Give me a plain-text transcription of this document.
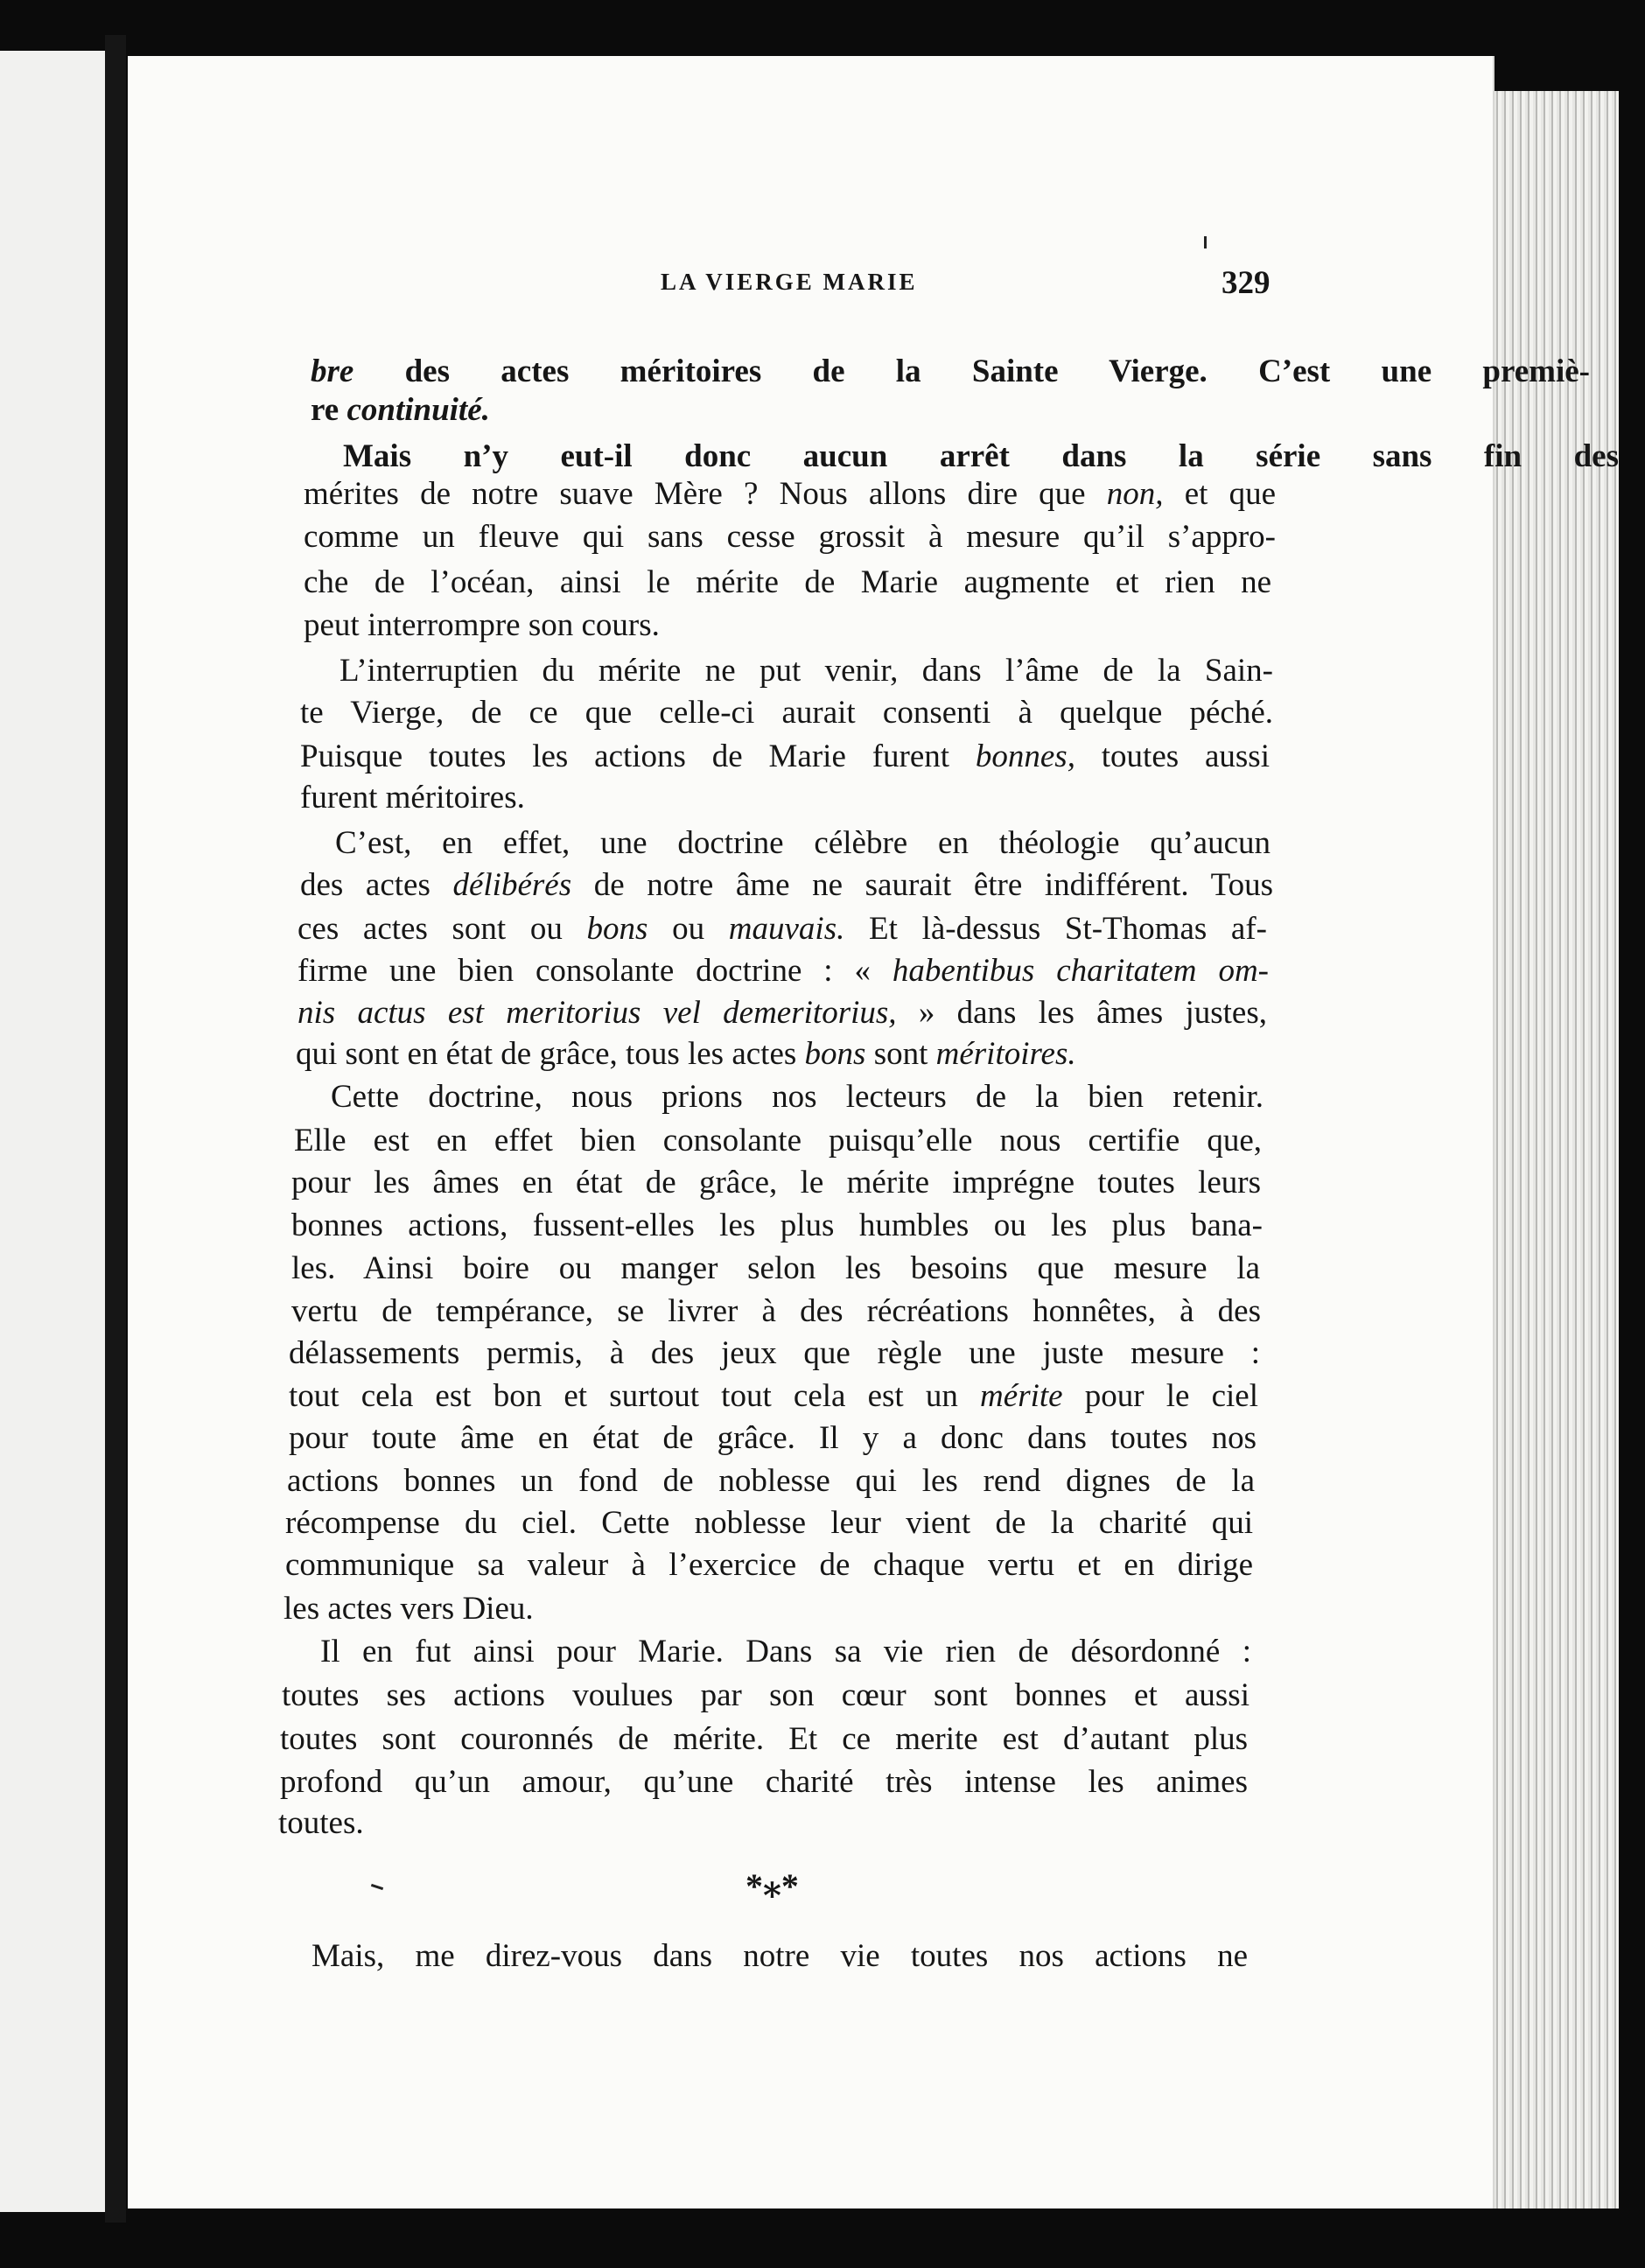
LA VIERGE MARIE	329
bre des actes méritoires de la Sainte Vierge. C’est une premiè-
re continuité.
Mais n’y eut-il donc aucun arrêt dans la série sans fin des
mérites de notre suave Mère ? Nous allons dire que non, et que
comme un fleuve qui sans cesse grossit à mesure qu’il s’appro-
che de l’océan, ainsi le mérite de Marie augmente et rien ne
peut interrompre son cours.
L’interruptien du mérite ne put venir, dans l’âme de la Sain-
te Vierge, de ce que celle-ci aurait consenti à quelque péché.
Puisque toutes les actions de Marie furent bonnes, toutes aussi
furent méritoires.
C’est, en effet, une doctrine célèbre en théologie qu’aucun
des actes délibérés de notre âme ne saurait être indifférent. Tous
ces actes sont ou bons ou mauvais. Et là-dessus St-Thomas af-
firme une bien consolante doctrine : « habentibus charitatem om-
nis actus est meritorius vel demeritorius, » dans les âmes justes,
qui sont en état de grâce, tous les actes bons sont méritoires.
Cette doctrine, nous prions nos lecteurs de la bien retenir.
Elle est en effet bien consolante puisqu’elle nous certifie que,
pour les âmes en état de grâce, le mérite imprégne toutes leurs
bonnes actions, fussent-elles les plus humbles ou les plus bana-
les. Ainsi boire ou manger selon les besoins que mesure la
vertu de tempérance, se livrer à des récréations honnêtes, à des
délassements permis, à des jeux que règle une juste mesure :
tout cela est bon et surtout tout cela est un mérite pour le ciel
pour toute âme en état de grâce. Il y a donc dans toutes nos
actions bonnes un fond de noblesse qui les rend dignes de la
récompense du ciel. Cette noblesse leur vient de la charité qui
communique sa valeur à l’exercice de chaque vertu et en dirige
les actes vers Dieu.
Il en fut ainsi pour Marie. Dans sa vie rien de désordonné :
toutes ses actions voulues par son cœur sont bonnes et aussi
toutes sont couronnés de mérite. Et ce merite est d’autant plus
profond qu’un amour, qu’une charité très intense les animes
toutes.
Mais, me direz-vous dans notre vie toutes nos actions ne
*⁎*
